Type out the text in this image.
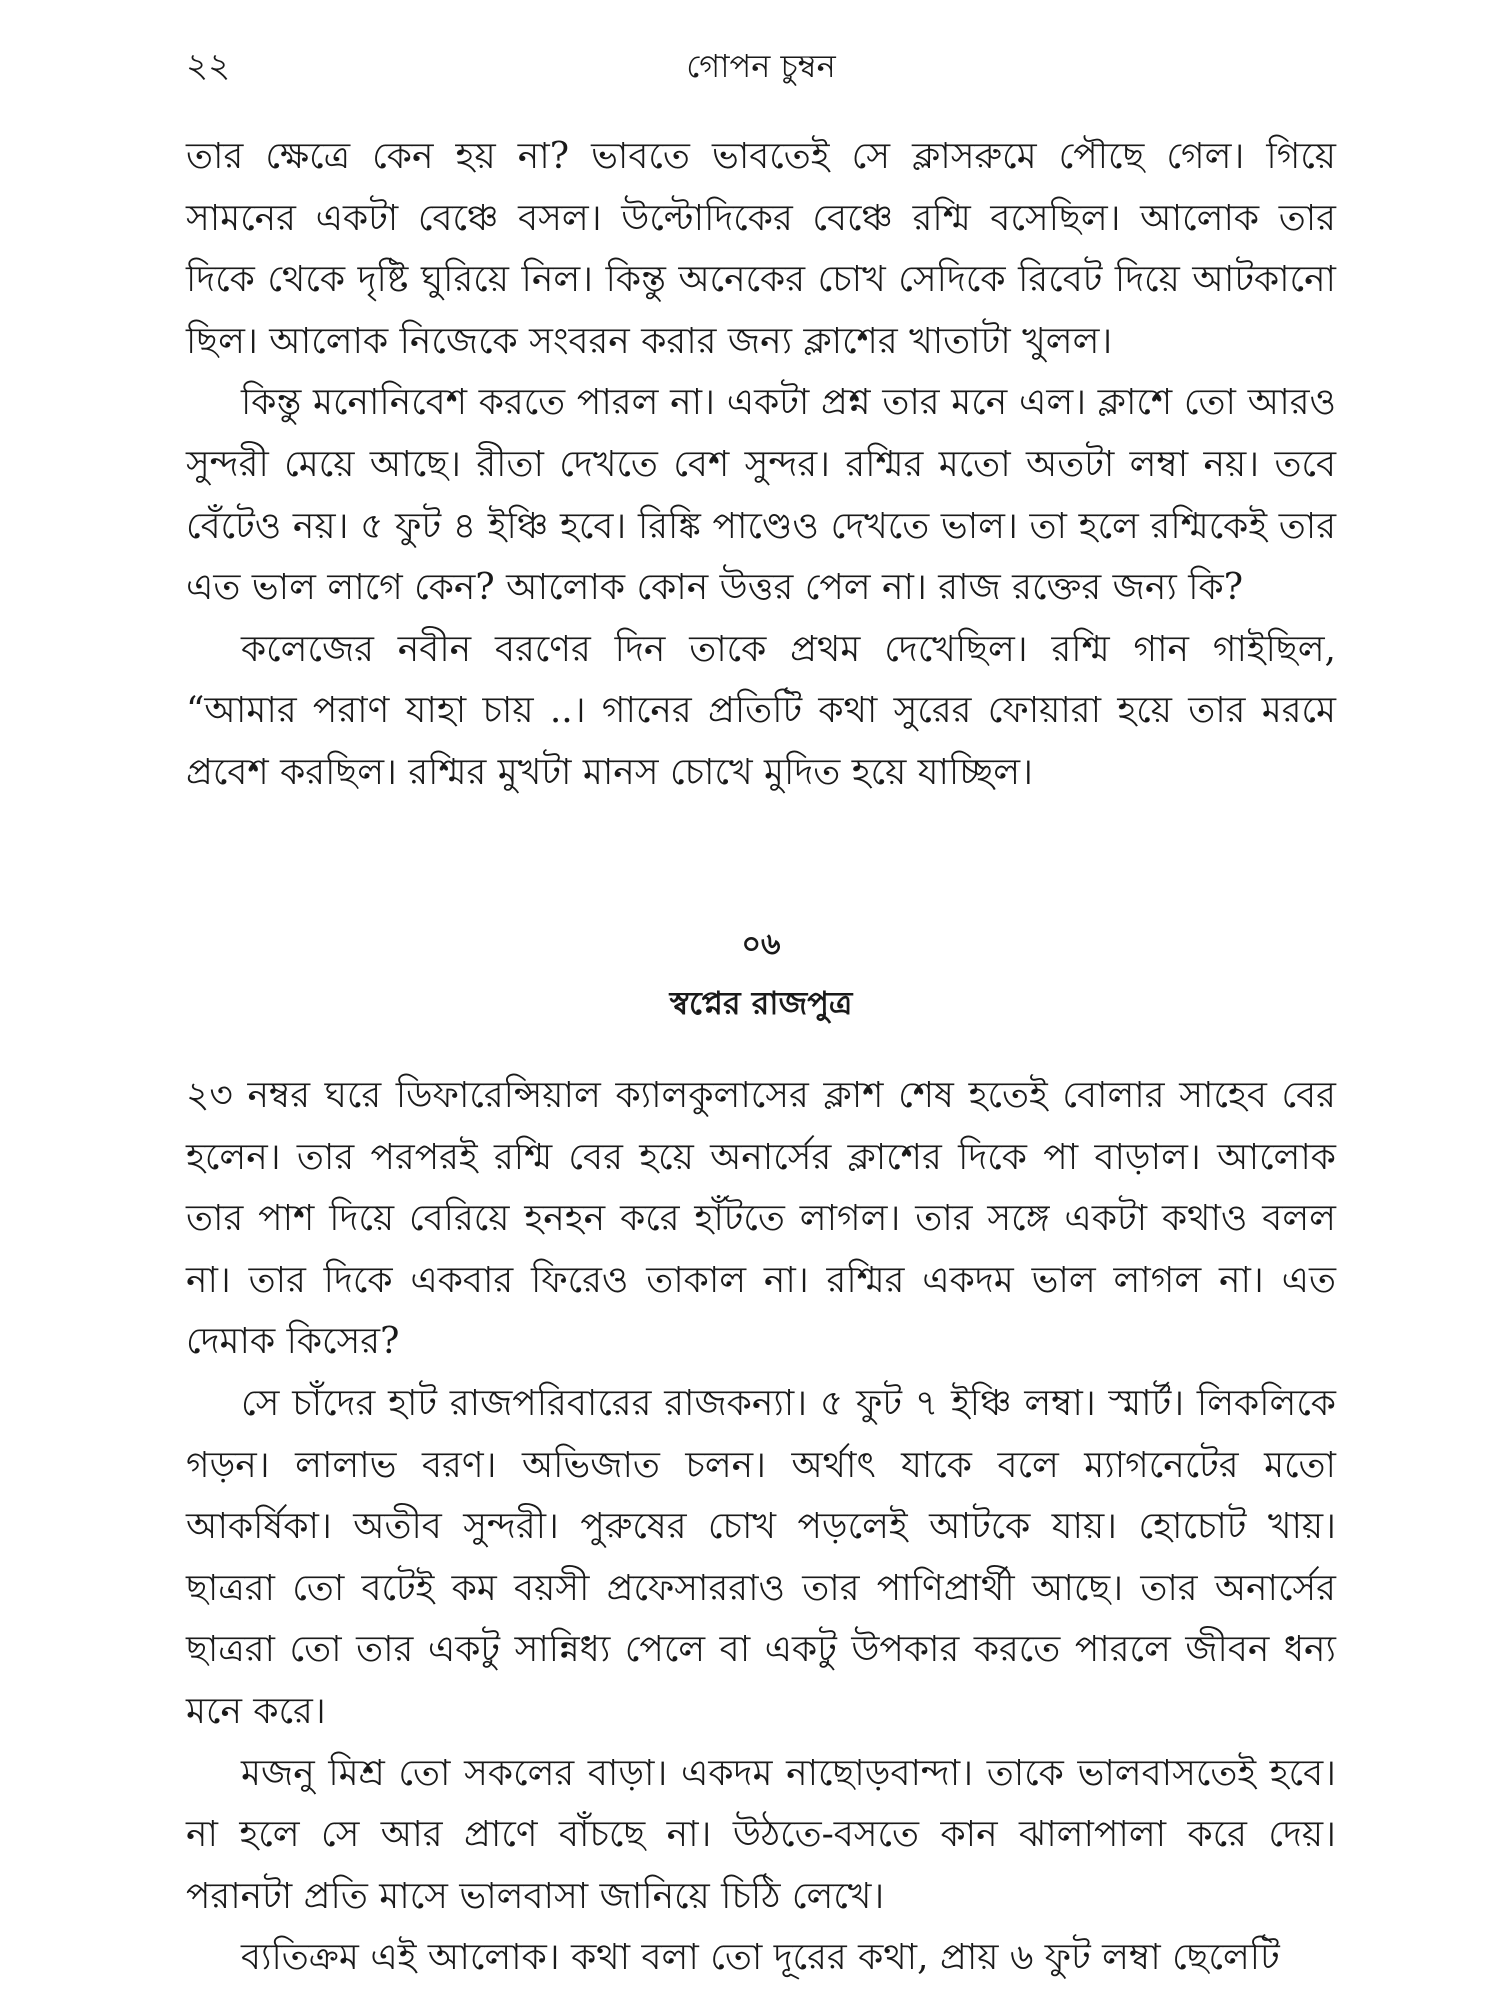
২২	গোপন চুম্বন

তার ক্ষেত্রে কেন হয় না? ভাবতে ভাবতেই সে ক্লাসরুমে পৌছে গেল। গিয়ে সামনের একটা বেঞ্চে বসল। উল্টোদিকের বেঞ্চে রশ্মি বসেছিল। আলোক তার দিকে থেকে দৃষ্টি ঘুরিয়ে নিল। কিন্তু অনেকের চোখ সেদিকে রিবেট দিয়ে আটকানো ছিল। আলোক নিজেকে সংবরন করার জন্য ক্লাশের খাতাটা খুলল।

কিন্তু মনোনিবেশ করতে পারল না। একটা প্রশ্ন তার মনে এল। ক্লাশে তো আরও সুন্দরী মেয়ে আছে। রীতা দেখতে বেশ সুন্দর। রশ্মির মতো অতটা লম্বা নয়। তবে বেঁটেও নয়। ৫ ফুট ৪ ইঞ্চি হবে। রিঙ্কি পাণ্ডেও দেখতে ভাল। তা হলে রশ্মিকেই তার এত ভাল লাগে কেন? আলোক কোন উত্তর পেল না। রাজ রক্তের জন্য কি?

কলেজের নবীন বরণের দিন তাকে প্রথম দেখেছিল। রশ্মি গান গাইছিল, “আমার পরাণ যাহা চায় ..। গানের প্রতিটি কথা সুরের ফোয়ারা হয়ে তার মরমে প্রবেশ করছিল। রশ্মির মুখটা মানস চোখে মুদিত হয়ে যাচ্ছিল।

০৬
স্বপ্নের রাজপুত্র

২৩ নম্বর ঘরে ডিফারেন্সিয়াল ক্যালকুলাসের ক্লাশ শেষ হতেই বোলার সাহেব বের হলেন। তার পরপরই রশ্মি বের হয়ে অনার্সের ক্লাশের দিকে পা বাড়াল। আলোক তার পাশ দিয়ে বেরিয়ে হনহন করে হাঁটতে লাগল। তার সঙ্গে একটা কথাও বলল না। তার দিকে একবার ফিরেও তাকাল না। রশ্মির একদম ভাল লাগল না। এত দেমাক কিসের?

সে চাঁদের হাট রাজপরিবারের রাজকন্যা। ৫ ফুট ৭ ইঞ্চি লম্বা। স্মার্ট। লিকলিকে গড়ন। লালাভ বরণ। অভিজাত চলন। অর্থাৎ যাকে বলে ম্যাগনেটের মতো আকর্ষিকা। অতীব সুন্দরী। পুরুষের চোখ পড়লেই আটকে যায়। হোচোট খায়। ছাত্ররা তো বটেই কম বয়সী প্রফেসাররাও তার পাণিপ্রার্থী আছে। তার অনার্সের ছাত্ররা তো তার একটু সান্নিধ্য পেলে বা একটু উপকার করতে পারলে জীবন ধন্য মনে করে।

মজনু মিশ্র তো সকলের বাড়া। একদম নাছোড়বান্দা। তাকে ভালবাসতেই হবে। না হলে সে আর প্রাণে বাঁচছে না। উঠতে-বসতে কান ঝালাপালা করে দেয়। পরানটা প্রতি মাসে ভালবাসা জানিয়ে চিঠি লেখে।

ব্যতিক্রম এই আলোক। কথা বলা তো দূরের কথা, প্রায় ৬ ফুট লম্বা ছেলেটি
